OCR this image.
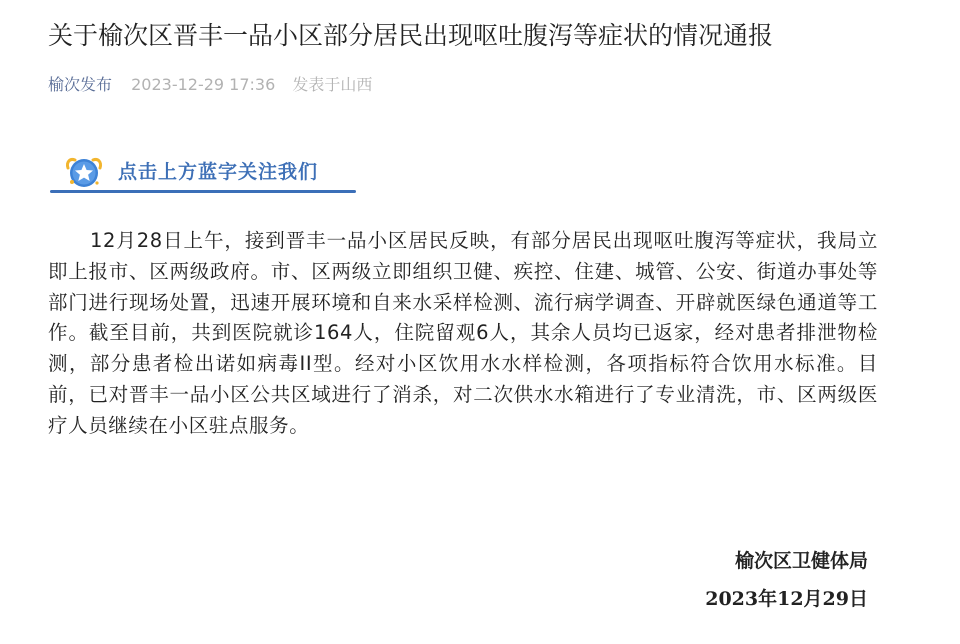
关于榆次区晋丰一品小区部分居民出现呕吐腹泻等症状的情况通报
榆次发布 2023-12-29 17:36 发表于山西
点击上方蓝字关注我们
12月28日上午，接到晋丰一品小区居民反映，有部分居民出现呕吐腹泻等症状，我局立即上报市、区两级政府。市、区两级立即组织卫健、疾控、住建、城管、公安、街道办事处等部门进行现场处置，迅速开展环境和自来水采样检测、流行病学调查、开辟就医绿色通道等工作。截至目前，共到医院就诊164人，住院留观6人，其余人员均已返家，经对患者排泄物检测，部分患者检出诺如病毒II型。经对小区饮用水水样检测，各项指标符合饮用水标准。目前，已对晋丰一品小区公共区域进行了消杀，对二次供水水箱进行了专业清洗，市、区两级医疗人员继续在小区驻点服务。
榆次区卫健体局
2023年12月29日
